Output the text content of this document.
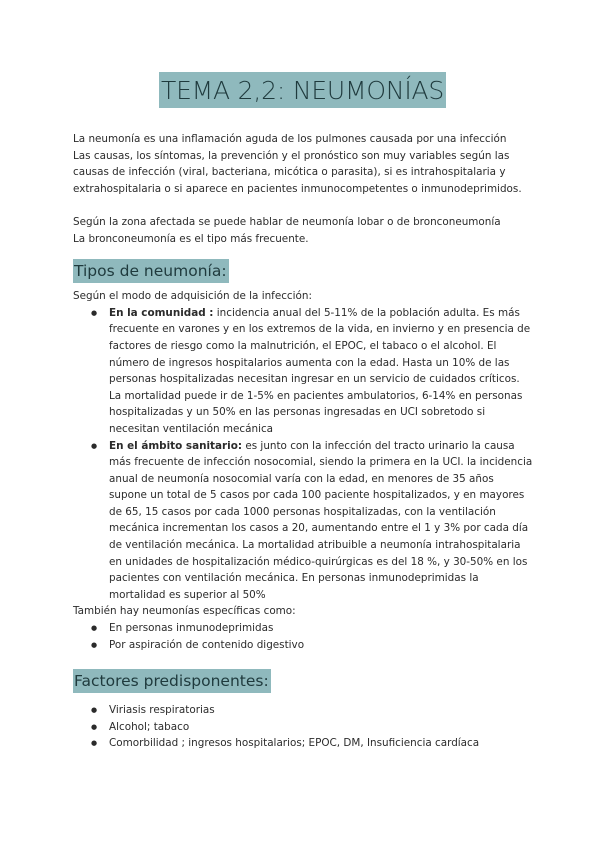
TEMA 2,2: NEUMONÍAS

La neumonía es una inflamación aguda de los pulmones causada por una infección

Las causas, los síntomas, la prevención y el pronóstico son muy variables según las causas de infección (viral, bacteriana, micótica o parasita), si es intrahospitalaria y extrahospitalaria o si aparece en pacientes inmunocompetentes o inmunodeprimidos.

Según la zona afectada se puede hablar de neumonía lobar o de bronconeumonía

La bronconeumonía es el tipo más frecuente.

Tipos de neumonía:

Según el modo de adquisición de la infección:

● En la comunidad : incidencia anual del 5-11% de la población adulta. Es más frecuente en varones y en los extremos de la vida, en invierno y en presencia de factores de riesgo como la malnutrición, el EPOC, el tabaco o el alcohol. El número de ingresos hospitalarios aumenta con la edad. Hasta un 10% de las personas hospitalizadas necesitan ingresar en un servicio de cuidados críticos. La mortalidad puede ir de 1-5% en pacientes ambulatorios, 6-14% en personas hospitalizadas y un 50% en las personas ingresadas en UCI sobretodo si necesitan ventilación mecánica
● En el ámbito sanitario: es junto con la infección del tracto urinario la causa más frecuente de infección nosocomial, siendo la primera en la UCI. la incidencia anual de neumonía nosocomial varía con la edad, en menores de 35 años supone un total de 5 casos por cada 100 paciente hospitalizados, y en mayores de 65, 15 casos por cada 1000 personas hospitalizadas, con la ventilación mecánica incrementan los casos a 20, aumentando entre el 1 y 3% por cada día de ventilación mecánica. La mortalidad atribuible a neumonía intrahospitalaria en unidades de hospitalización médico-quirúrgicas es del 18 %, y 30-50% en los pacientes con ventilación mecánica. En personas inmunodeprimidas la mortalidad es superior al 50%

También hay neumonías específicas como:

● En personas inmunodeprimidas
● Por aspiración de contenido digestivo
Factores predisponentes:
● Viriasis respiratorias
● Alcohol; tabaco
● Comorbilidad ; ingresos hospitalarios; EPOC, DM, Insuficiencia cardíaca
